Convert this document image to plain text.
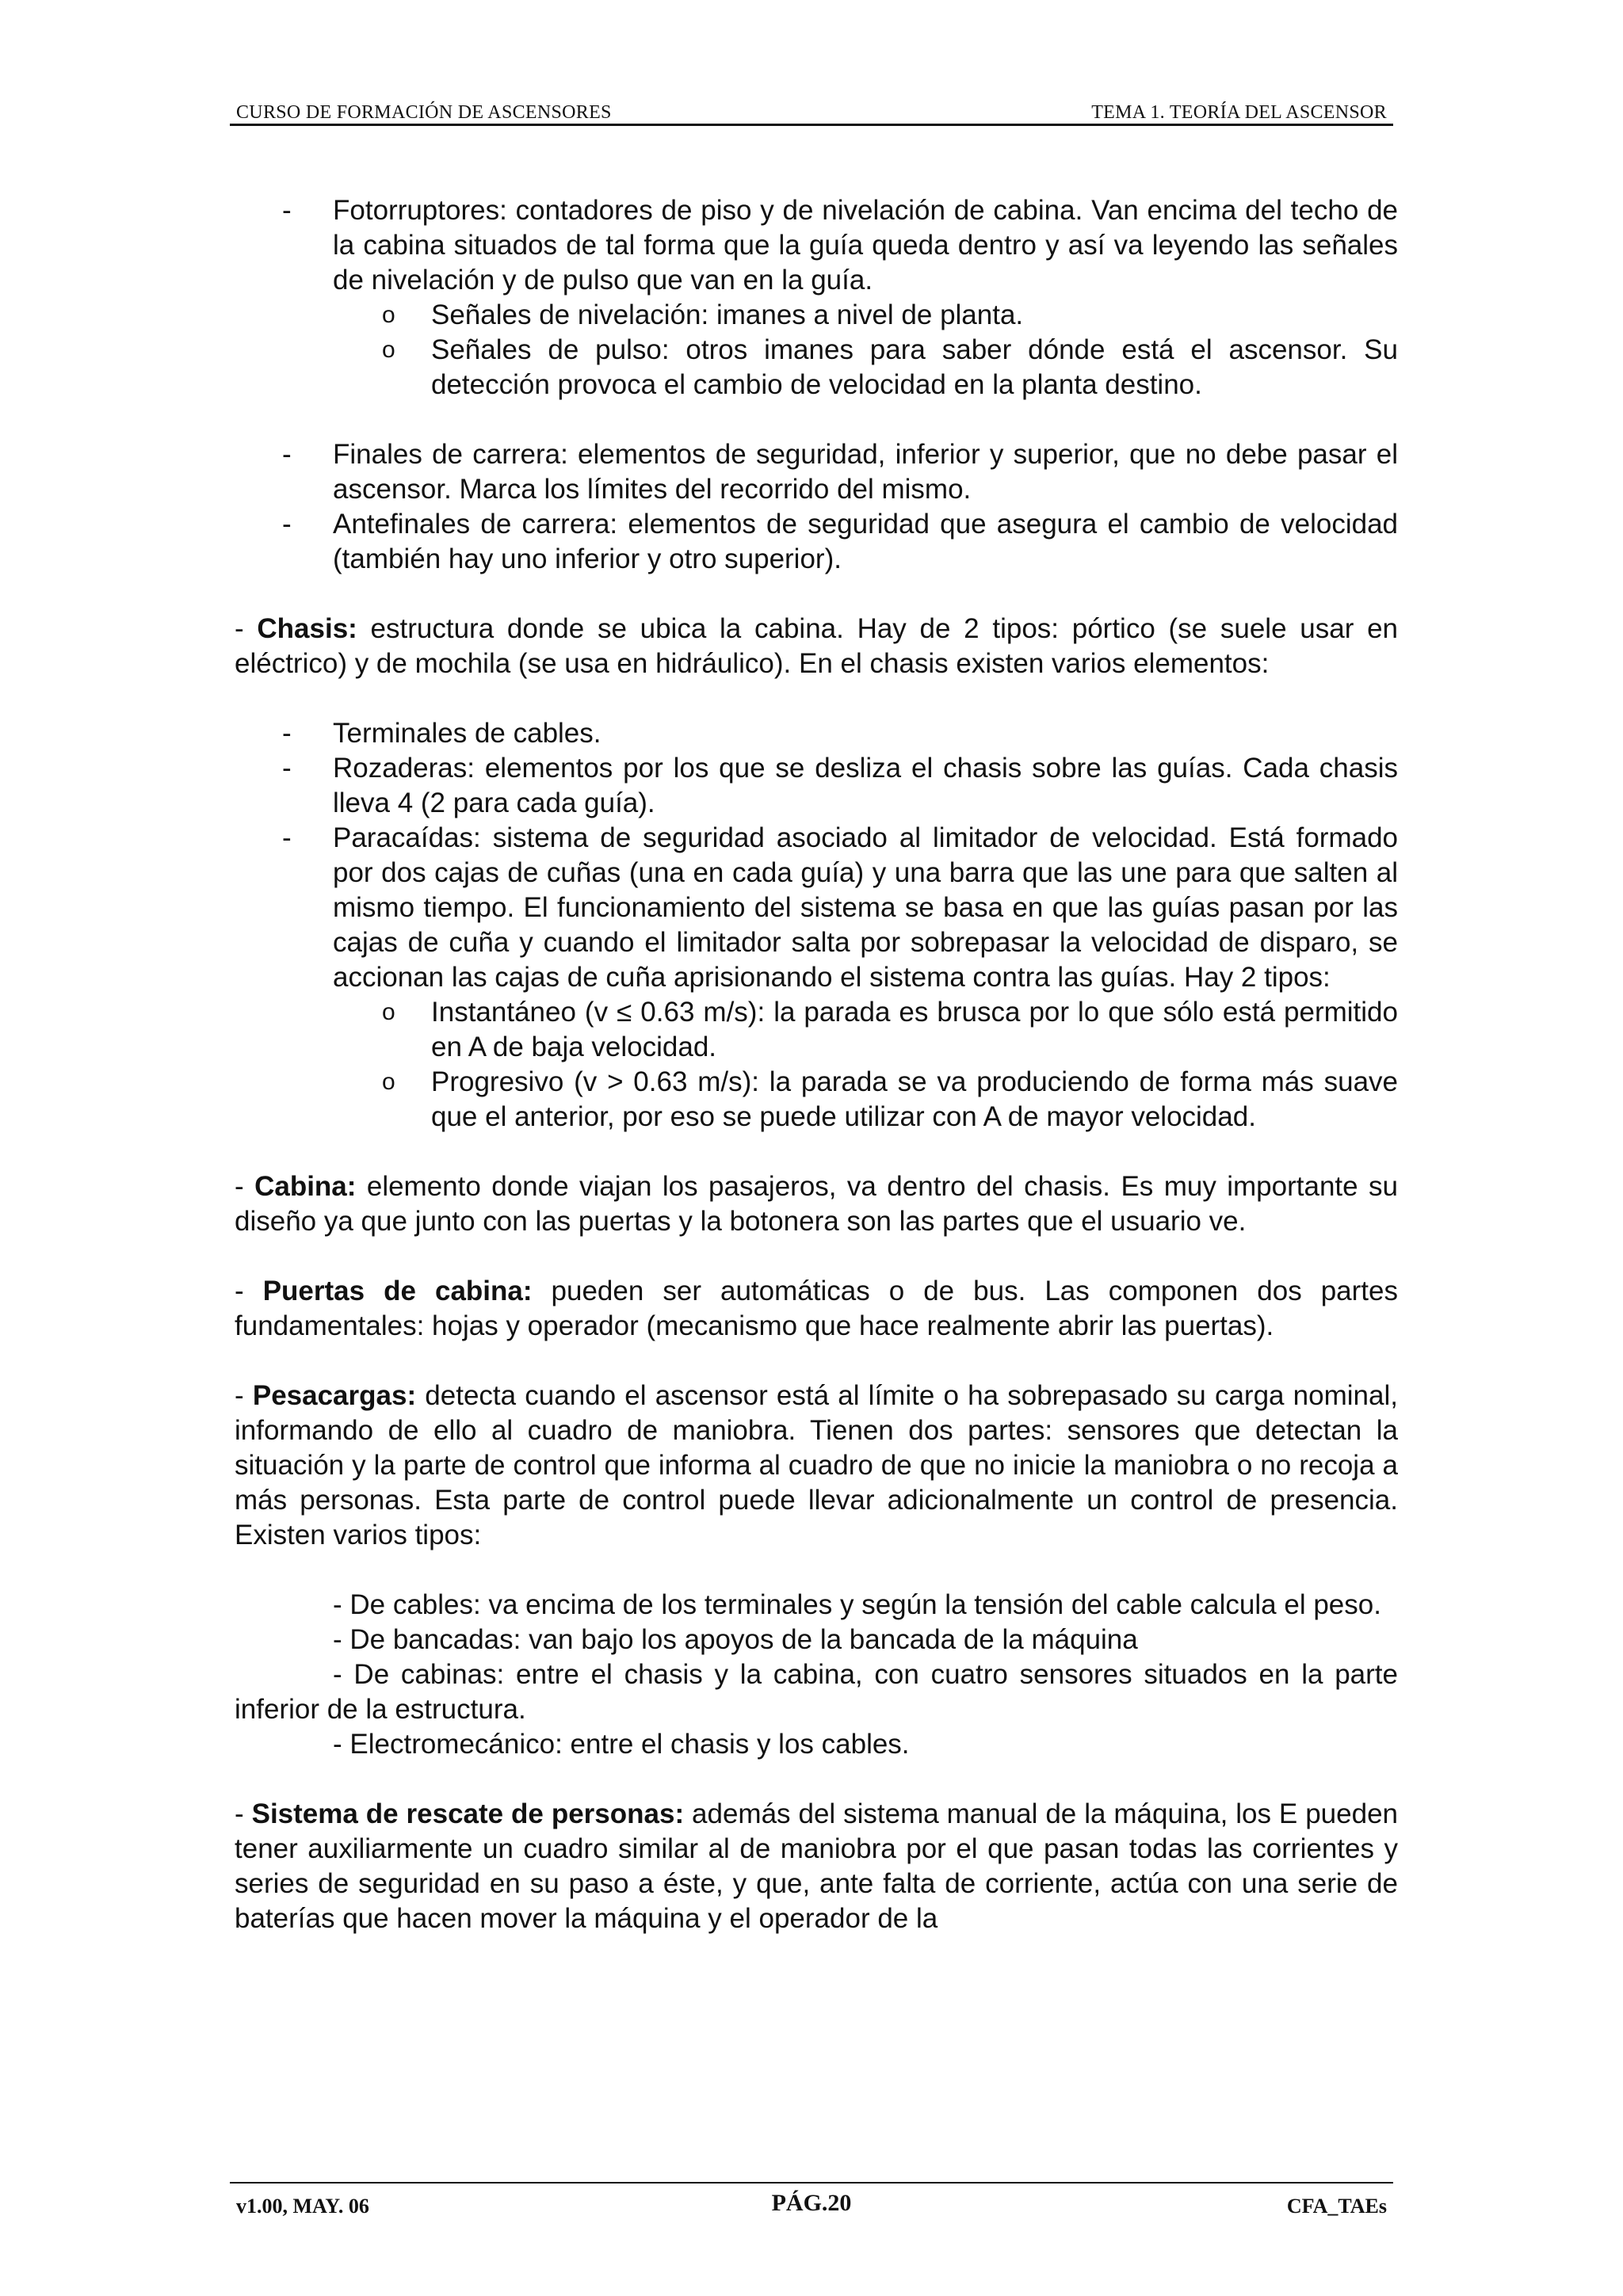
CURSO DE FORMACIÓN DE ASCENSORES	TEMA 1. TEORÍA DEL ASCENSOR
- Fotorruptores: contadores de piso y de nivelación de cabina. Van encima del techo de la cabina situados de tal forma que la guía queda dentro y así va leyendo las señales de nivelación y de pulso que van en la guía.
o Señales de nivelación: imanes a nivel de planta.
o Señales de pulso: otros imanes para saber dónde está el ascensor. Su detección provoca el cambio de velocidad en la planta destino.
- Finales de carrera: elementos de seguridad, inferior y superior, que no debe pasar el ascensor. Marca los límites del recorrido del mismo.
- Antefinales de carrera: elementos de seguridad que asegura el cambio de velocidad (también hay uno inferior y otro superior).

- Chasis: estructura donde se ubica la cabina. Hay de 2 tipos: pórtico (se suele usar en eléctrico) y de mochila (se usa en hidráulico). En el chasis existen varios elementos:

- Terminales de cables.
- Rozaderas: elementos por los que se desliza el chasis sobre las guías. Cada chasis lleva 4 (2 para cada guía).
- Paracaídas: sistema de seguridad asociado al limitador de velocidad. Está formado por dos cajas de cuñas (una en cada guía) y una barra que las une para que salten al mismo tiempo. El funcionamiento del sistema se basa en que las guías pasan por las cajas de cuña y cuando el limitador salta por sobrepasar la velocidad de disparo, se accionan las cajas de cuña aprisionando el sistema contra las guías. Hay 2 tipos:
o Instantáneo (v ≤ 0.63 m/s): la parada es brusca por lo que sólo está permitido en A de baja velocidad.
o Progresivo (v > 0.63 m/s): la parada se va produciendo de forma más suave que el anterior, por eso se puede utilizar con A de mayor velocidad.

- Cabina: elemento donde viajan los pasajeros, va dentro del chasis. Es muy importante su diseño ya que junto con las puertas y la botonera son las partes que el usuario ve.

- Puertas de cabina: pueden ser automáticas o de bus. Las componen dos partes fundamentales: hojas y operador (mecanismo que hace realmente abrir las puertas).

- Pesacargas: detecta cuando el ascensor está al límite o ha sobrepasado su carga nominal, informando de ello al cuadro de maniobra. Tienen dos partes: sensores que detectan la situación y la parte de control que informa al cuadro de que no inicie la maniobra o no recoja a más personas. Esta parte de control puede llevar adicionalmente un control de presencia. Existen varios tipos:

- De cables: va encima de los terminales y según la tensión del cable calcula el peso.

- De bancadas: van bajo los apoyos de la bancada de la máquina

- De cabinas: entre el chasis y la cabina, con cuatro sensores situados en la parte inferior de la estructura.

- Electromecánico: entre el chasis y los cables.

- Sistema de rescate de personas: además del sistema manual de la máquina, los E pueden tener auxiliarmente un cuadro similar al de maniobra por el que pasan todas las corrientes y series de seguridad en su paso a éste, y que, ante falta de corriente, actúa con una serie de baterías que hacen mover la máquina y el operador de la

v1.00, MAY. 06	PÁG.20	CFA_TAEs
